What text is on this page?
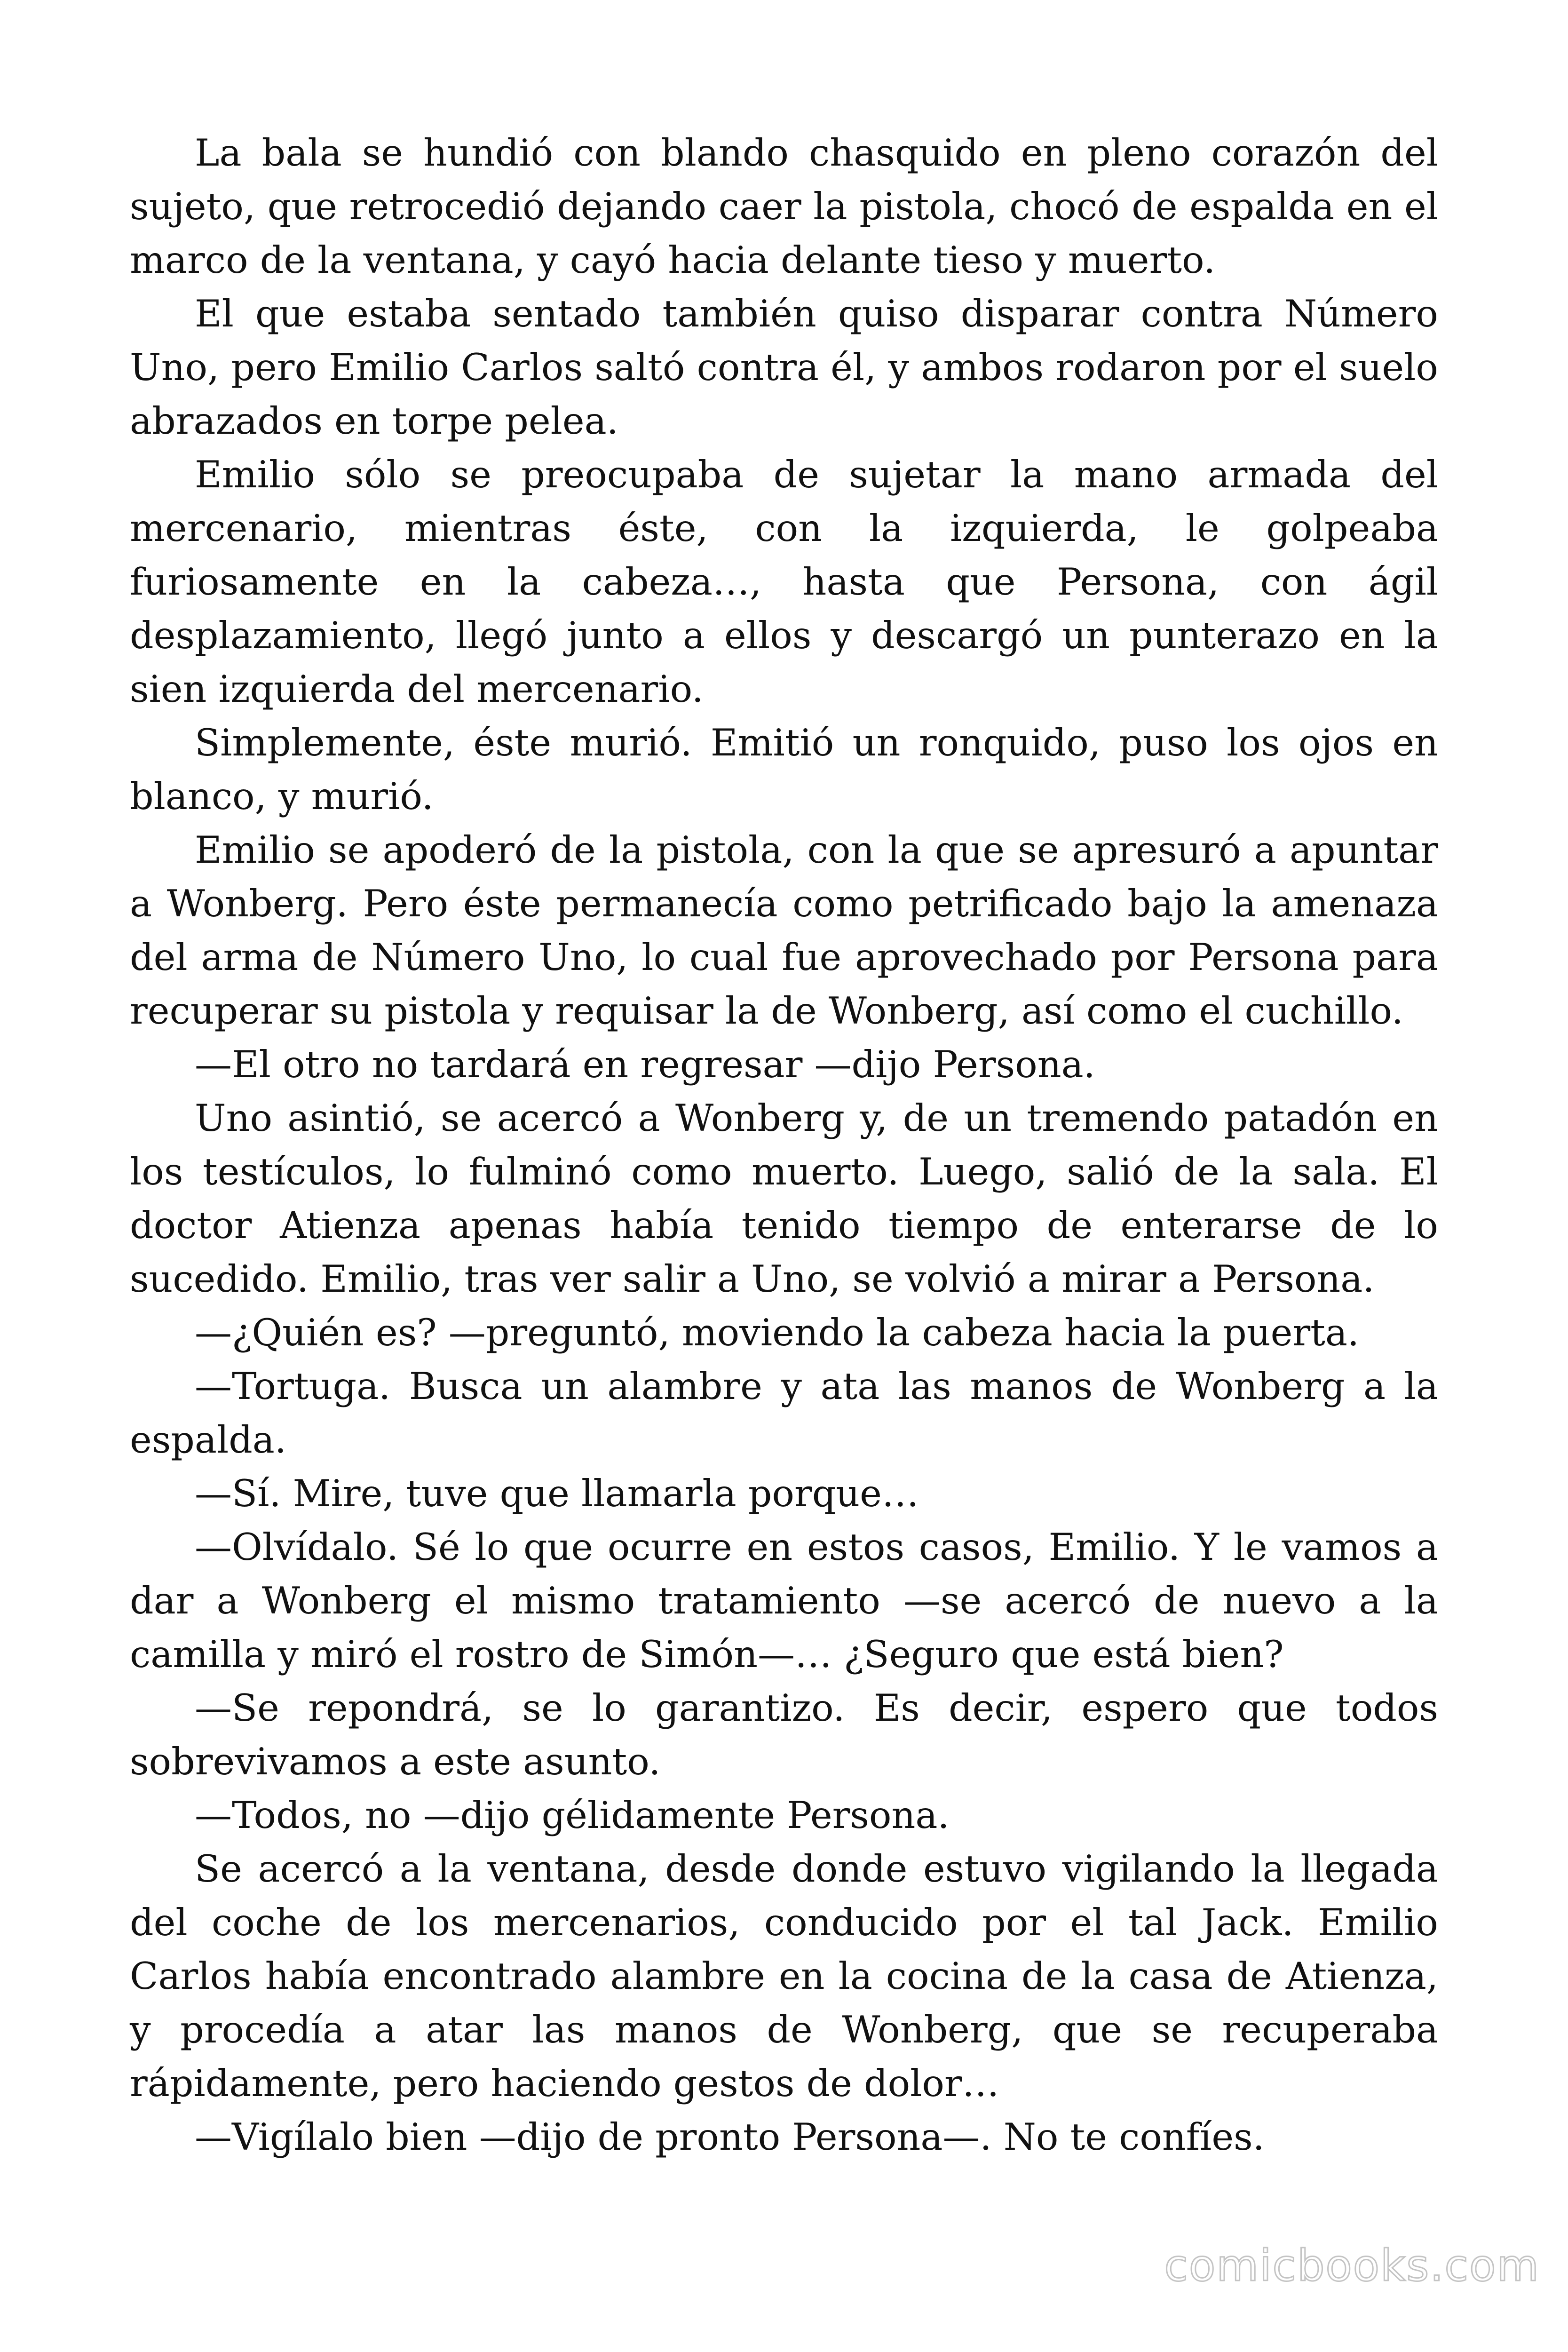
La bala se hundió con blando chasquido en pleno corazón del sujeto, que retrocedió dejando caer la pistola, chocó de espalda en el marco de la ventana, y cayó hacia delante tieso y muerto.

El que estaba sentado también quiso disparar contra Número Uno, pero Emilio Carlos saltó contra él, y ambos rodaron por el suelo abrazados en torpe pelea.

Emilio sólo se preocupaba de sujetar la mano armada del mercenario, mientras éste, con la izquierda, le golpeaba furiosamente en la cabeza…, hasta que Persona, con ágil desplazamiento, llegó junto a ellos y descargó un punterazo en la sien izquierda del mercenario.

Simplemente, éste murió. Emitió un ronquido, puso los ojos en blanco, y murió.

Emilio se apoderó de la pistola, con la que se apresuró a apuntar a Wonberg. Pero éste permanecía como petrificado bajo la amenaza del arma de Número Uno, lo cual fue aprovechado por Persona para recuperar su pistola y requisar la de Wonberg, así como el cuchillo.

—El otro no tardará en regresar —dijo Persona.

Uno asintió, se acercó a Wonberg y, de un tremendo patadón en los testículos, lo fulminó como muerto. Luego, salió de la sala. El doctor Atienza apenas había tenido tiempo de enterarse de lo sucedido. Emilio, tras ver salir a Uno, se volvió a mirar a Persona.

—¿Quién es? —preguntó, moviendo la cabeza hacia la puerta.

—Tortuga. Busca un alambre y ata las manos de Wonberg a la espalda.

—Sí. Mire, tuve que llamarla porque…

—Olvídalo. Sé lo que ocurre en estos casos, Emilio. Y le vamos a dar a Wonberg el mismo tratamiento —se acercó de nuevo a la camilla y miró el rostro de Simón—… ¿Seguro que está bien?

—Se repondrá, se lo garantizo. Es decir, espero que todos sobrevivamos a este asunto.

—Todos, no —dijo gélidamente Persona.

Se acercó a la ventana, desde donde estuvo vigilando la llegada del coche de los mercenarios, conducido por el tal Jack. Emilio Carlos había encontrado alambre en la cocina de la casa de Atienza, y procedía a atar las manos de Wonberg, que se recuperaba rápidamente, pero haciendo gestos de dolor…

—Vigílalo bien —dijo de pronto Persona—. No te confíes.

comicbooks.com
